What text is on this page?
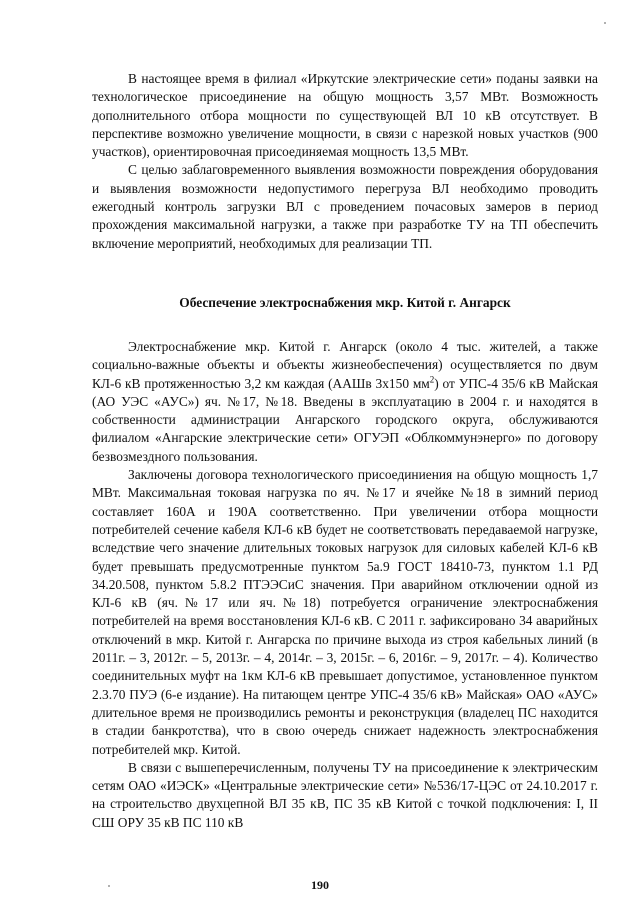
В настоящее время в филиал «Иркутские электрические сети» поданы заявки на технологическое присоединение на общую мощность 3,57 МВт. Возможность дополнительного отбора мощности по существующей ВЛ 10 кВ отсутствует. В перспективе возможно увеличение мощности, в связи с нарезкой новых участков (900 участков), ориентировочная присоединяемая мощность 13,5 МВт.

С целью заблаговременного выявления возможности повреждения оборудования и выявления возможности недопустимого перегруза ВЛ необходимо проводить ежегодный контроль загрузки ВЛ с проведением почасовых замеров в период прохождения максимальной нагрузки, а также при разработке ТУ на ТП обеспечить включение мероприятий, необходимых для реализации ТП.

Обеспечение электроснабжения мкр. Китой г. Ангарск

Электроснабжение мкр. Китой г. Ангарск (около 4 тыс. жителей, а также социально-важные объекты и объекты жизнеобеспечения) осуществляется по двум КЛ-6 кВ протяженностью 3,2 км каждая (ААШв 3х150 $мм^2$) от УПС-4 35/6 кВ Майская (АО УЭС «АУС») яч. №17, №18. Введены в эксплуатацию в 2004 г. и находятся в собственности администрации Ангарского городского округа, обслуживаются филиалом «Ангарские электрические сети» ОГУЭП «Облкоммунэнерго» по договору безвозмездного пользования.

Заключены договора технологического присоединиения на общую мощность 1,7 МВт. Максимальная токовая нагрузка по яч. №17 и ячейке №18 в зимний период составляет 160А и 190А соответственно. При увеличении отбора мощности потребителей сечение кабеля КЛ-6 кВ будет не соответствовать передаваемой нагрузке, вследствие чего значение длительных токовых нагрузок для силовых кабелей КЛ-6 кВ будет превышать предусмотренные пунктом 5а.9 ГОСТ 18410-73, пунктом 1.1 РД 34.20.508, пунктом 5.8.2 ПТЭЭСиС значения. При аварийном отключении одной из КЛ-6 кВ (яч.№17 или яч.№18) потребуется ограничение электроснабжения потребителей на время восстановления КЛ-6 кВ. С 2011 г. зафиксировано 34 аварийных отключений в мкр. Китой г. Ангарска по причине выхода из строя кабельных линий (в 2011г. – 3, 2012г. – 5, 2013г. – 4, 2014г. – 3, 2015г. – 6, 2016г. – 9, 2017г. – 4). Количество соединительных муфт на 1км КЛ-6 кВ превышает допустимое, установленное пунктом 2.3.70 ПУЭ (6-е издание). На питающем центре УПС-4 35/6 кВ» Майская» ОАО «АУС» длительное время не производились ремонты и реконструкция (владелец ПС находится в стадии банкротства), что в свою очередь снижает надежность электроснабжения потребителей мкр. Китой.

В связи с вышеперечисленным, получены ТУ на присоединение к электрическим сетям ОАО «ИЭСК» «Центральные электрические сети» №536/17-ЦЭС от 24.10.2017 г. на строительство двухцепной ВЛ 35 кВ, ПС 35 кВ Китой с точкой подключения: I, II СШ ОРУ 35 кВ ПС 110 кВ

190
